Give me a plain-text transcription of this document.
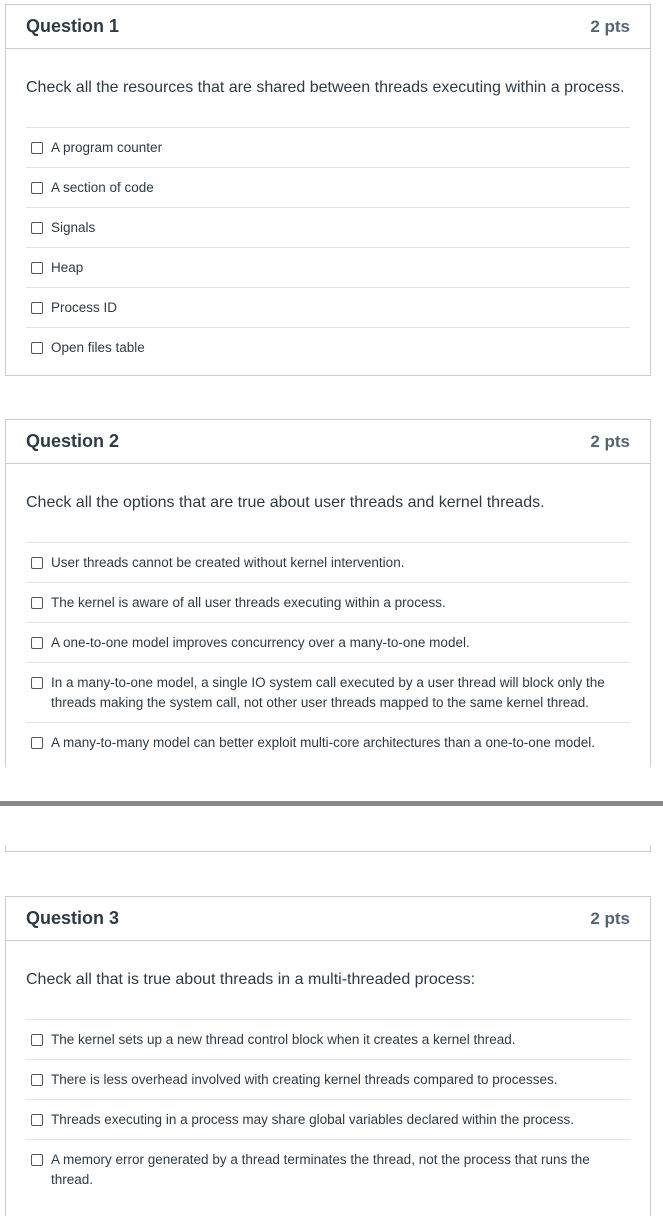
Question 1	2 pts
Check all the resources that are shared between threads executing within a process.
A program counter
A section of code
Signals
Heap
Process ID
Open files table
Question 2	2 pts
Check all the options that are true about user threads and kernel threads.
User threads cannot be created without kernel intervention.
The kernel is aware of all user threads executing within a process.
A one-to-one model improves concurrency over a many-to-one model.
In a many-to-one model, a single IO system call executed by a user thread will block only the threads making the system call, not other user threads mapped to the same kernel thread.
A many-to-many model can better exploit multi-core architectures than a one-to-one model.
Question 3	2 pts
Check all that is true about threads in a multi-threaded process:
The kernel sets up a new thread control block when it creates a kernel thread.
There is less overhead involved with creating kernel threads compared to processes.
Threads executing in a process may share global variables declared within the process.
A memory error generated by a thread terminates the thread, not the process that runs the thread.
